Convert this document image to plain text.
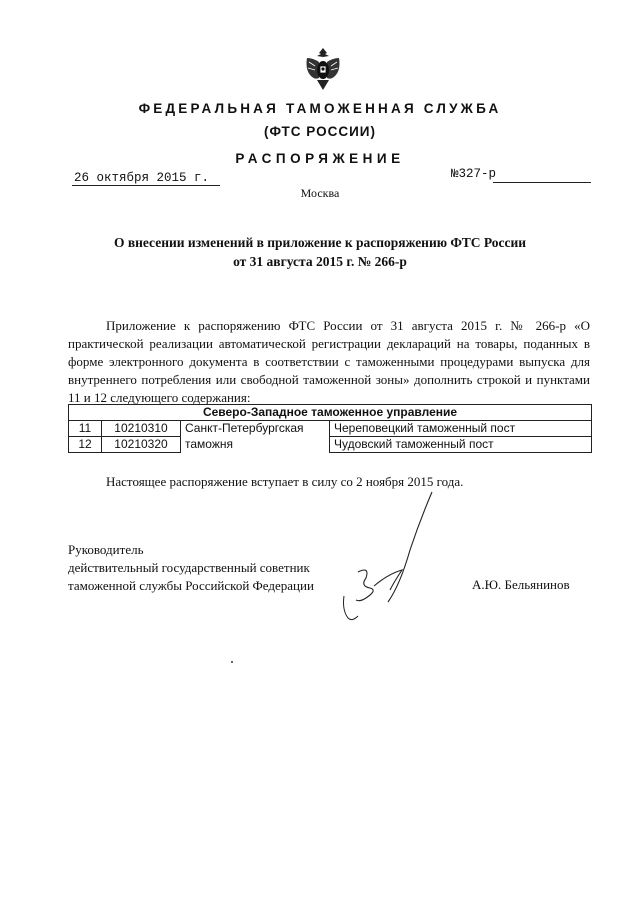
ФЕДЕРАЛЬНАЯ ТАМОЖЕННАЯ СЛУЖБА
(ФТС РОССИИ)
РАСПОРЯЖЕНИЕ
26 октября 2015 г.	№327-р
Москва
О внесении изменений в приложение к распоряжению ФТС России
от 31 августа 2015 г. № 266-р
Приложение к распоряжению ФТС России от 31 августа 2015 г. № 266-р «О практической реализации автоматической регистрации деклараций на товары, поданных в форме электронного документа в соответствии с таможенными процедурами выпуска для внутреннего потребления или свободной таможенной зоны» дополнить строкой и пунктами 11 и 12 следующего содержания:
Северо-Западное таможенное управление			
11	10210310	Санкт-Петербургская	Череповецкий таможенный пост
12	10210320	таможня	Чудовский таможенный пост
Настоящее распоряжение вступает в силу со 2 ноября 2015 года.
Руководитель
действительный государственный советник
таможенной службы Российской Федерации	А.Ю. Бельянинов
